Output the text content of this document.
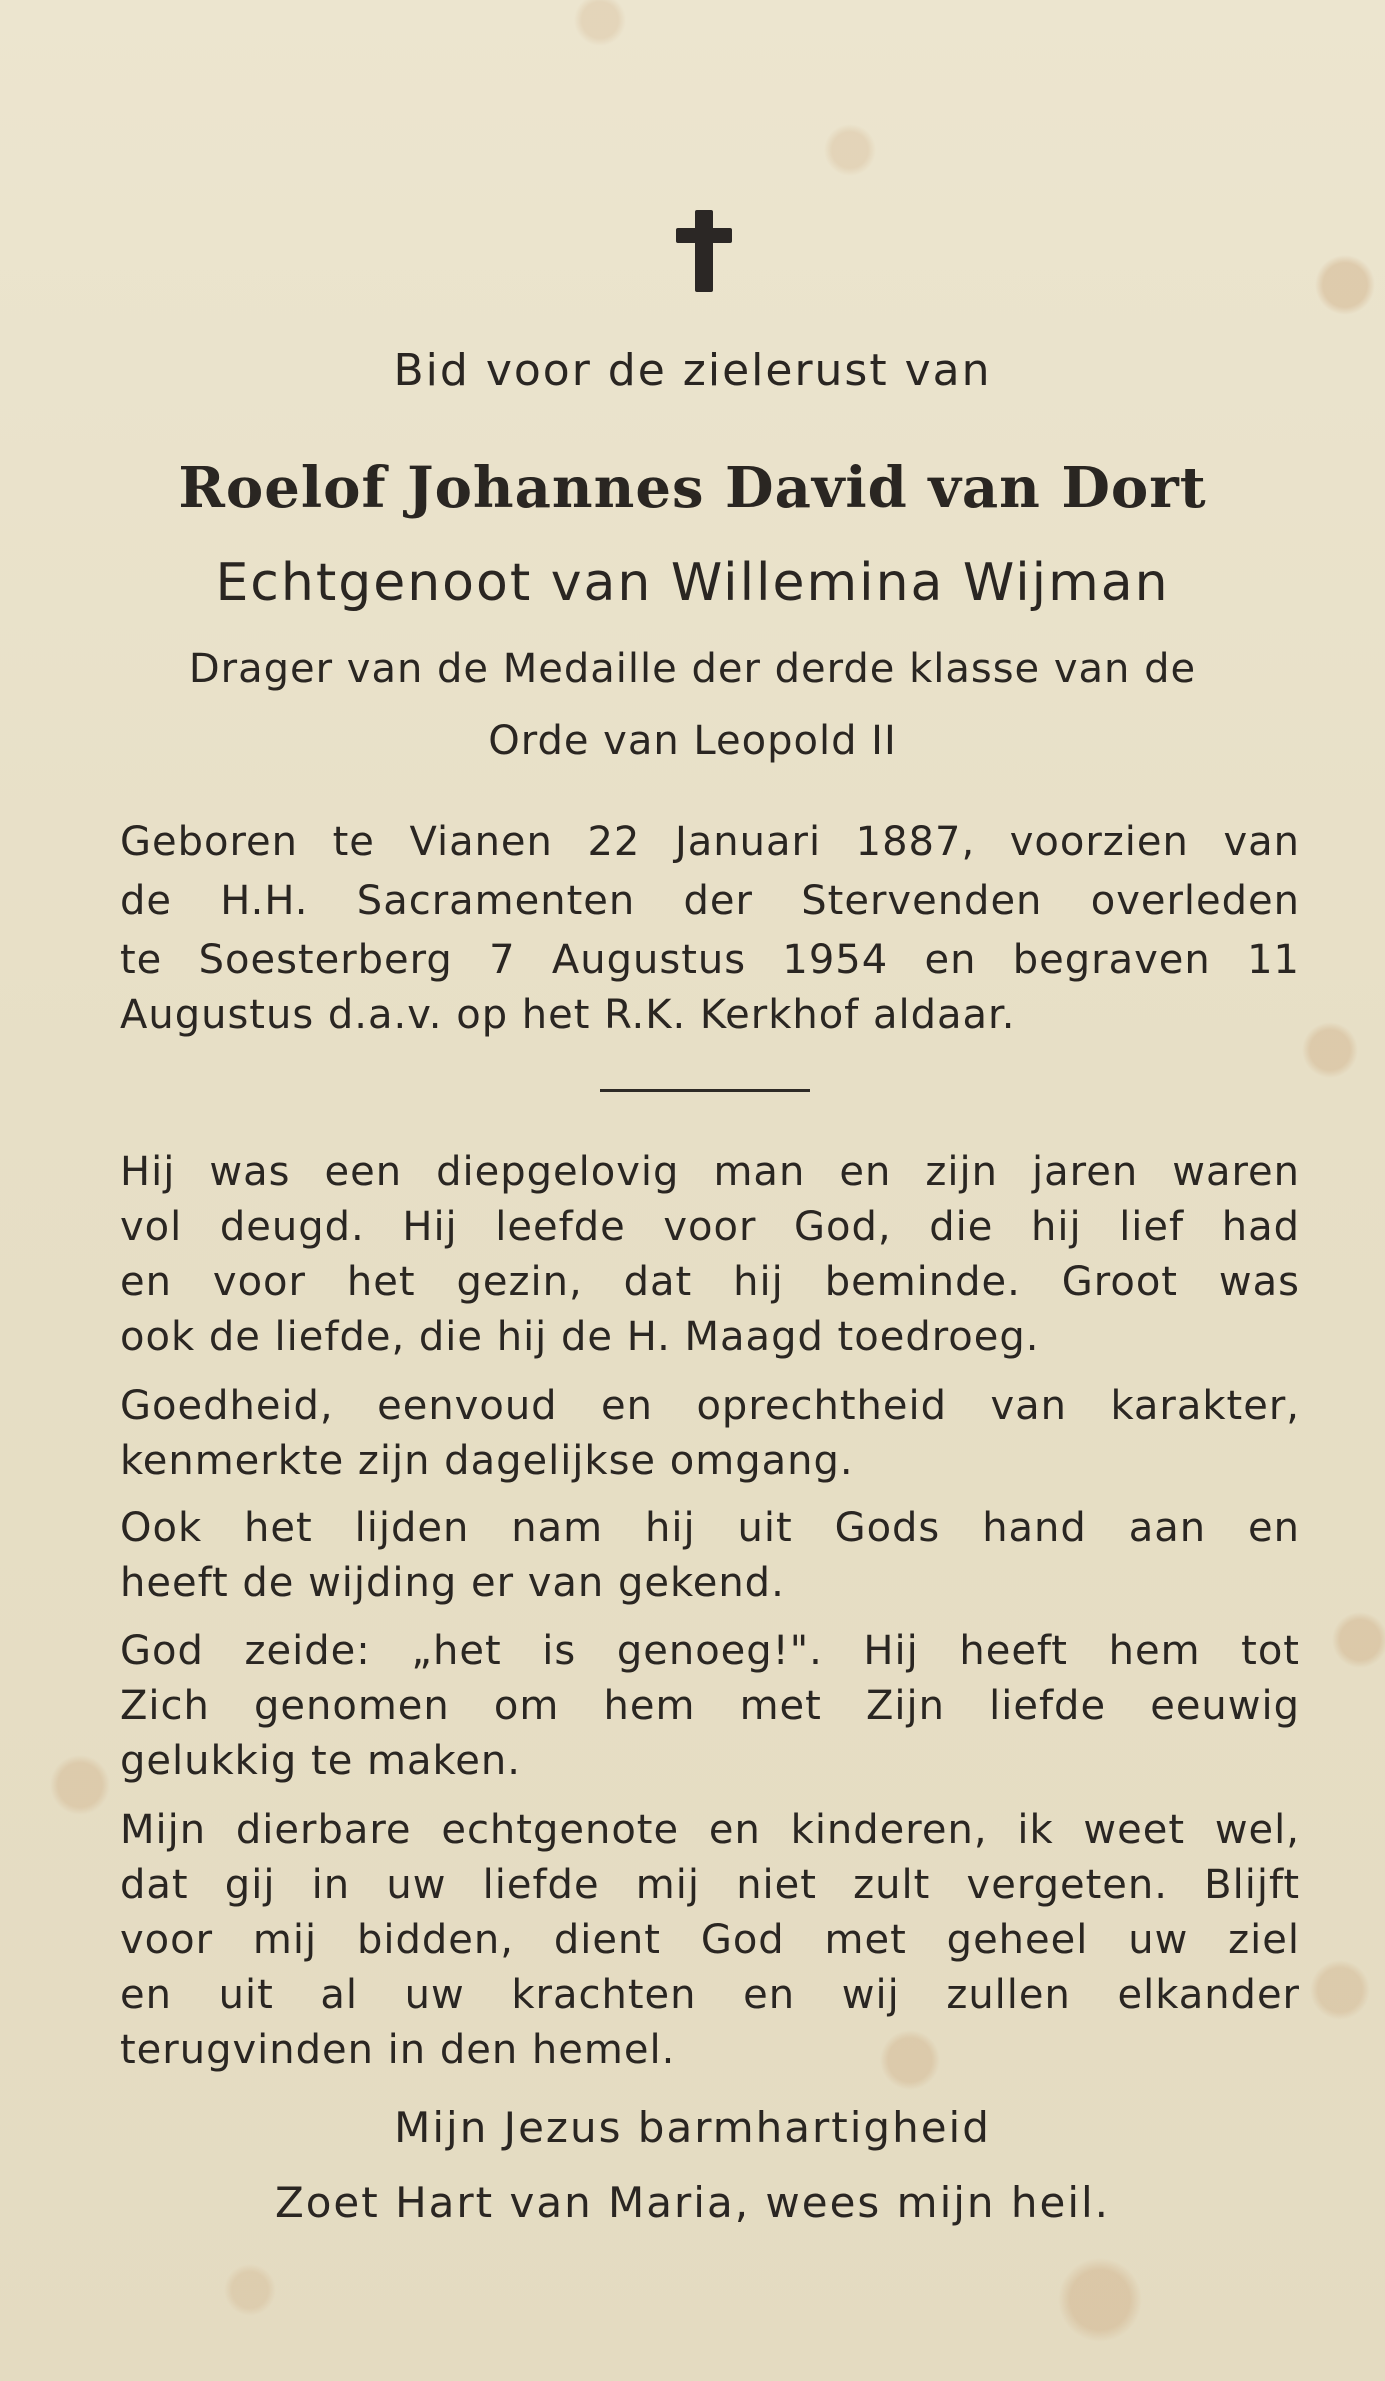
Bid voor de zielerust van
Roelof Johannes David van Dort
Echtgenoot van Willemina Wijman
Drager van de Medaille der derde klasse van de
Orde van Leopold II
Geboren te Vianen 22 Januari 1887, voorzien van
de H.H. Sacramenten der Stervenden overleden
te Soesterberg 7 Augustus 1954 en begraven 11
Augustus d.a.v. op het R.K. Kerkhof aldaar.
Hij was een diepgelovig man en zijn jaren waren
vol deugd. Hij leefde voor God, die hij lief had
en voor het gezin, dat hij beminde. Groot was
ook de liefde, die hij de H. Maagd toedroeg.
Goedheid, eenvoud en oprechtheid van karakter,
kenmerkte zijn dagelijkse omgang.
Ook het lijden nam hij uit Gods hand aan en
heeft de wijding er van gekend.
God zeide: „het is genoeg!". Hij heeft hem tot
Zich genomen om hem met Zijn liefde eeuwig
gelukkig te maken.
Mijn dierbare echtgenote en kinderen, ik weet wel,
dat gij in uw liefde mij niet zult vergeten. Blijft
voor mij bidden, dient God met geheel uw ziel
en uit al uw krachten en wij zullen elkander
terugvinden in den hemel.
Mijn Jezus barmhartigheid
Zoet Hart van Maria, wees mijn heil.
